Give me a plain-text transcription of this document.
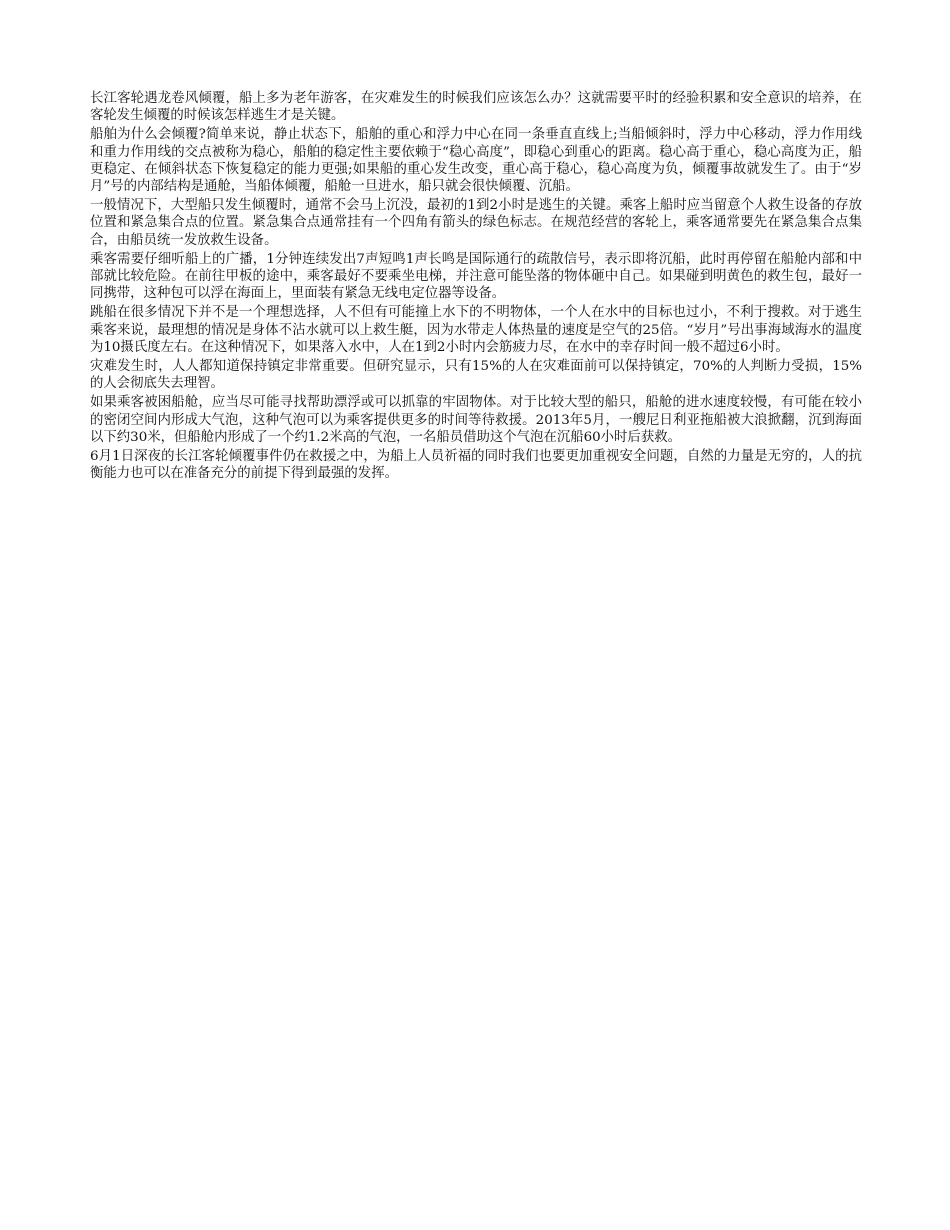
长江客轮遇龙卷风倾覆，船上多为老年游客，在灾难发生的时候我们应该怎么办？这就需要平时的经验积累和安全意识的培养，在客轮发生倾覆的时候该怎样逃生才是关键。

船舶为什么会倾覆?简单来说，静止状态下，船舶的重心和浮力中心在同一条垂直直线上;当船倾斜时，浮力中心移动，浮力作用线和重力作用线的交点被称为稳心，船舶的稳定性主要依赖于“稳心高度”，即稳心到重心的距离。稳心高于重心，稳心高度为正，船更稳定、在倾斜状态下恢复稳定的能力更强;如果船的重心发生改变，重心高于稳心，稳心高度为负，倾覆事故就发生了。由于“岁月”号的内部结构是通舱，当船体倾覆，船舱一旦进水，船只就会很快倾覆、沉船。

一般情况下，大型船只发生倾覆时，通常不会马上沉没，最初的1到2小时是逃生的关键。乘客上船时应当留意个人救生设备的存放位置和紧急集合点的位置。紧急集合点通常挂有一个四角有箭头的绿色标志。在规范经营的客轮上，乘客通常要先在紧急集合点集合，由船员统一发放救生设备。

乘客需要仔细听船上的广播，1分钟连续发出7声短鸣1声长鸣是国际通行的疏散信号，表示即将沉船，此时再停留在船舱内部和中部就比较危险。在前往甲板的途中，乘客最好不要乘坐电梯，并注意可能坠落的物体砸中自己。如果碰到明黄色的救生包，最好一同携带，这种包可以浮在海面上，里面装有紧急无线电定位器等设备。

跳船在很多情况下并不是一个理想选择，人不但有可能撞上水下的不明物体，一个人在水中的目标也过小，不利于搜救。对于逃生乘客来说，最理想的情况是身体不沾水就可以上救生艇，因为水带走人体热量的速度是空气的25倍。“岁月”号出事海域海水的温度为10摄氏度左右。在这种情况下，如果落入水中，人在1到2小时内会筋疲力尽，在水中的幸存时间一般不超过6小时。

灾难发生时，人人都知道保持镇定非常重要。但研究显示，只有15%的人在灾难面前可以保持镇定，70%的人判断力受损，15%的人会彻底失去理智。

如果乘客被困船舱，应当尽可能寻找帮助漂浮或可以抓靠的牢固物体。对于比较大型的船只，船舱的进水速度较慢，有可能在较小的密闭空间内形成大气泡，这种气泡可以为乘客提供更多的时间等待救援。2013年5月，一艘尼日利亚拖船被大浪掀翻，沉到海面以下约30米，但船舱内形成了一个约1.2米高的气泡，一名船员借助这个气泡在沉船60小时后获救。

6月1日深夜的长江客轮倾覆事件仍在救援之中，为船上人员祈福的同时我们也要更加重视安全问题，自然的力量是无穷的，人的抗衡能力也可以在准备充分的前提下得到最强的发挥。
